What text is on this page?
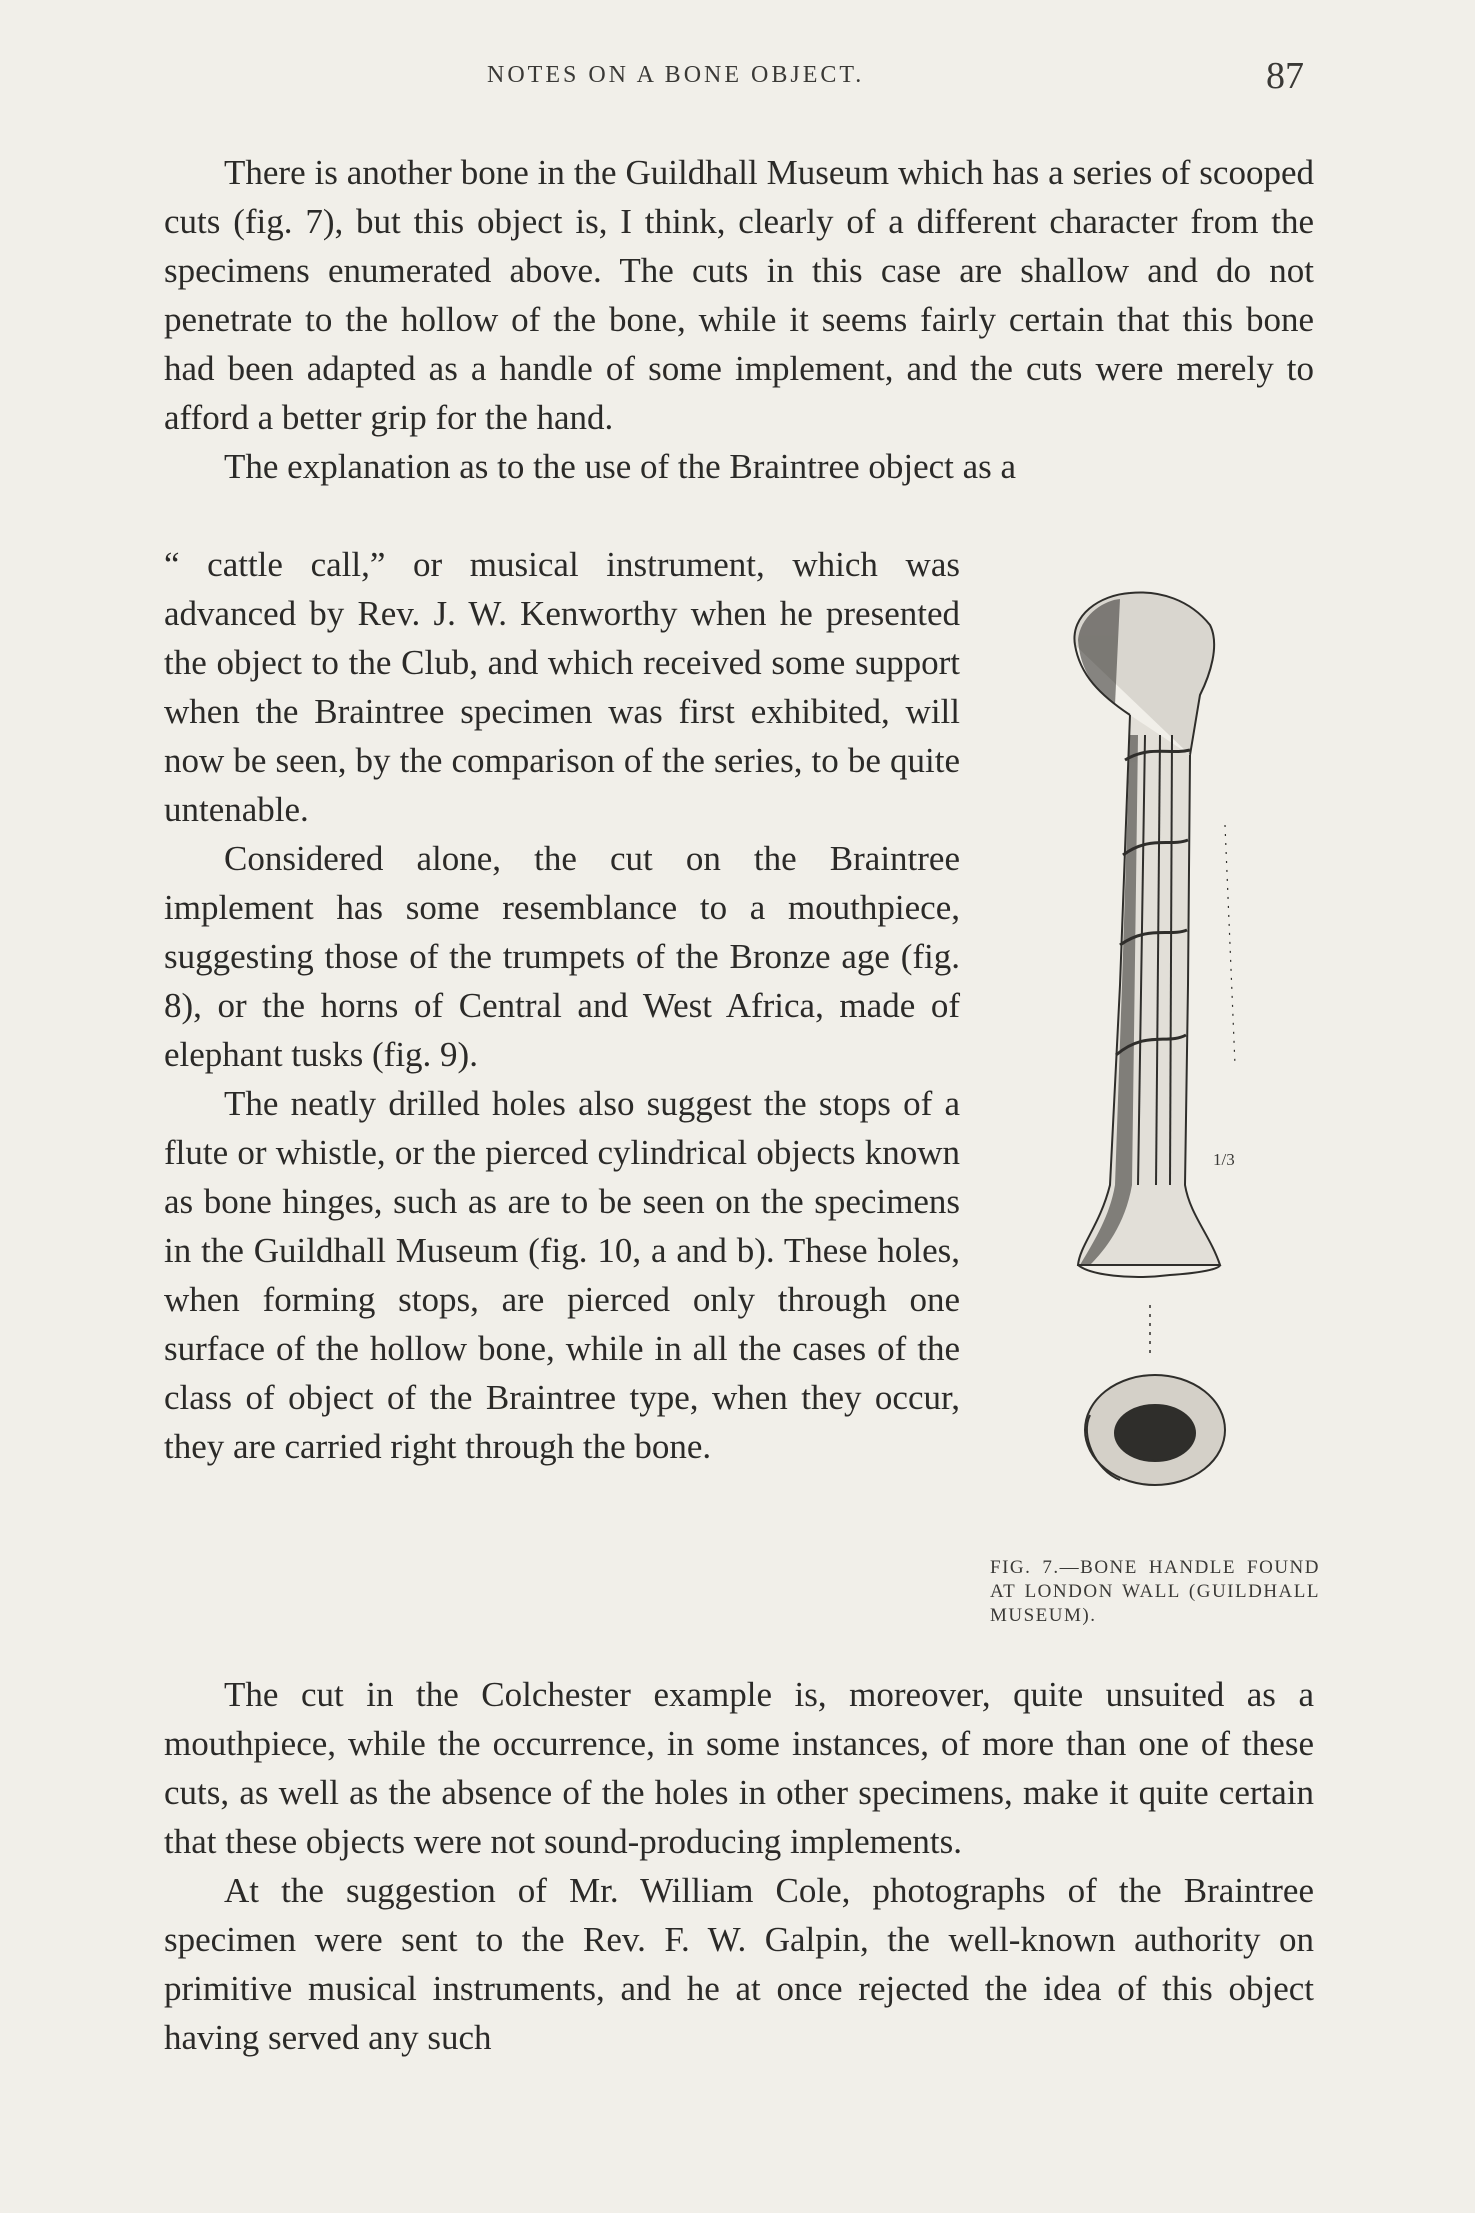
NOTES ON A BONE OBJECT.	87

There is another bone in the Guildhall Museum which has a series of scooped cuts (fig. 7), but this object is, I think, clearly of a different character from the specimens enumerated above. The cuts in this case are shallow and do not penetrate to the hollow of the bone, while it seems fairly certain that this bone had been adapted as a handle of some implement, and the cuts were merely to afford a better grip for the hand.

The explanation as to the use of the Braintree object as a

“ cattle call,” or musical instrument, which was advanced by Rev. J. W. Kenworthy when he presented the object to the Club, and which received some support when the Braintree specimen was first exhibited, will now be seen, by the comparison of the series, to be quite untenable.

Considered alone, the cut on the Braintree implement has some resemblance to a mouthpiece, suggesting those of the trumpets of the Bronze age (fig. 8), or the horns of Central and West Africa, made of elephant tusks (fig. 9).

The neatly drilled holes also suggest the stops of a flute or whistle, or the pierced cylindrical objects known as bone hinges, such as are to be seen on the specimens in the Guildhall Museum (fig. 10, a and b). These holes, when forming stops, are pierced only through one surface of the hollow bone, while in all the cases of the class of object of the Braintree type, when they occur, they are carried right through the bone.

The cut in the Colchester example is, moreover, quite unsuited as a mouthpiece, while the occurrence, in some instances, of more than one of these cuts, as well as the absence of the holes in other specimens, make it quite certain that these objects were not sound-producing implements.

At the suggestion of Mr. William Cole, photographs of the Braintree specimen were sent to the Rev. F. W. Galpin, the well-known authority on primitive musical instruments, and he at once rejected the idea of this object having served any such

1/3
FIG. 7.—BONE HANDLE FOUND AT LONDON WALL (GUILDHALL MUSEUM).
